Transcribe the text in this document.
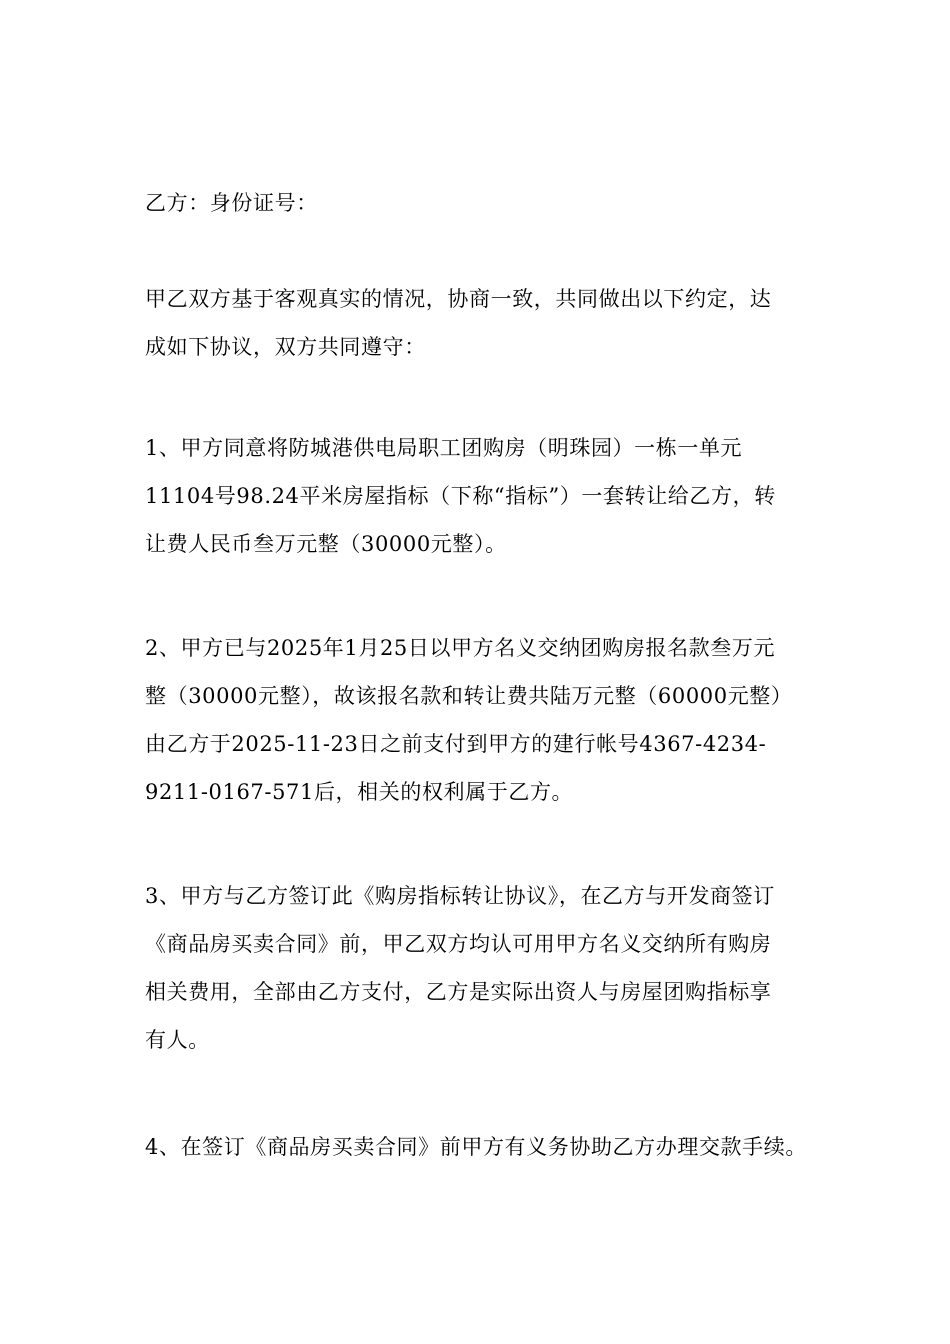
乙方：身份证号：

甲乙双方基于客观真实的情况，协商一致，共同做出以下约定，达
成如下协议，双方共同遵守：

1、甲方同意将防城港供电局职工团购房（明珠园）一栋一单元
11104号98.24平米房屋指标（下称“指标”）一套转让给乙方，转
让费人民币叁万元整（30000元整）。

2、甲方已与2025年1月25日以甲方名义交纳团购房报名款叁万元
整（30000元整），故该报名款和转让费共陆万元整（60000元整）
由乙方于2025-11-23日之前支付到甲方的建行帐号4367-4234-
9211-0167-571后，相关的权利属于乙方。

3、甲方与乙方签订此《购房指标转让协议》，在乙方与开发商签订
《商品房买卖合同》前，甲乙双方均认可用甲方名义交纳所有购房
相关费用，全部由乙方支付，乙方是实际出资人与房屋团购指标享
有人。

4、在签订《商品房买卖合同》前甲方有义务协助乙方办理交款手续。
